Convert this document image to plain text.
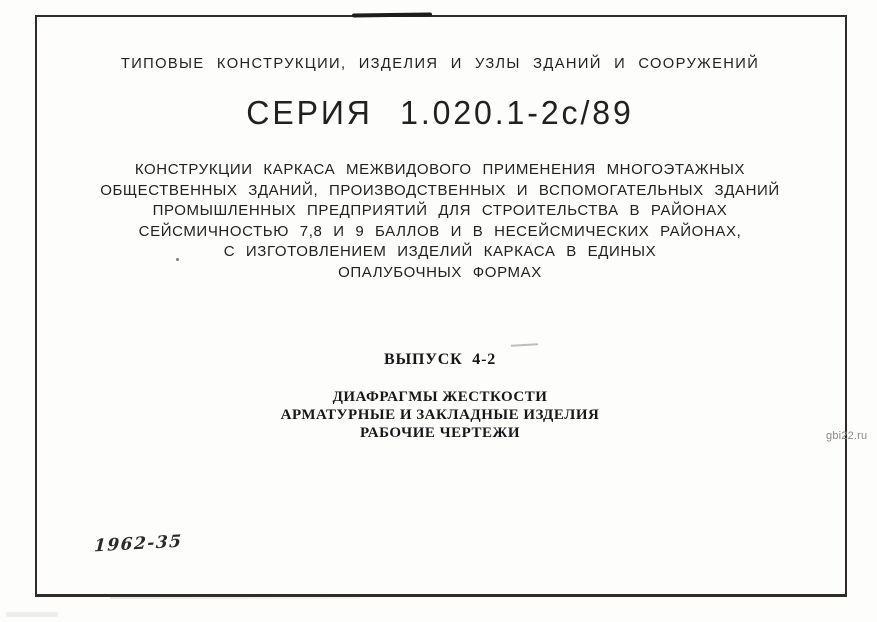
ТИПОВЫЕ КОНСТРУКЦИИ, ИЗДЕЛИЯ И УЗЛЫ ЗДАНИЙ И СООРУЖЕНИЙ
СЕРИЯ 1.020.1-2с/89
КОНСТРУКЦИИ КАРКАСА МЕЖВИДОВОГО ПРИМЕНЕНИЯ МНОГОЭТАЖНЫХ
ОБЩЕСТВЕННЫХ ЗДАНИЙ, ПРОИЗВОДСТВЕННЫХ И ВСПОМОГАТЕЛЬНЫХ ЗДАНИЙ
ПРОМЫШЛЕННЫХ ПРЕДПРИЯТИЙ ДЛЯ СТРОИТЕЛЬСТВА В РАЙОНАХ
СЕЙСМИЧНОСТЬЮ 7,8 И 9 БАЛЛОВ И В НЕСЕЙСМИЧЕСКИХ РАЙОНАХ,
С ИЗГОТОВЛЕНИЕМ ИЗДЕЛИЙ КАРКАСА В ЕДИНЫХ
ОПАЛУБОЧНЫХ ФОРМАХ
ВЫПУСК 4-2
ДИАФРАГМЫ ЖЕСТКОСТИ
АРМАТУРНЫЕ И ЗАКЛАДНЫЕ ИЗДЕЛИЯ
РАБОЧИЕ ЧЕРТЕЖИ	gbi22.ru
1962-35
